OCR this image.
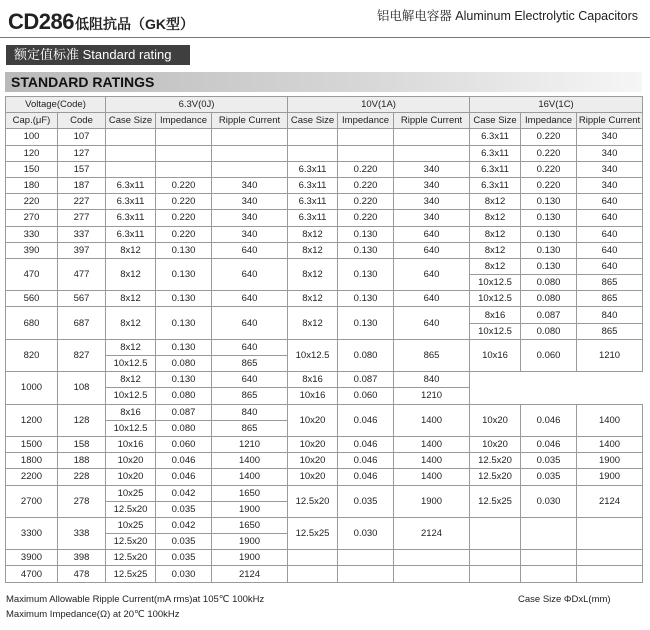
CD286低阻抗品（GK型）	铝电解电容器 Aluminum Electrolytic Capacitors
额定值标准 Standard rating
STANDARD RATINGS
Voltage(Code)		6.3V(0J)			10V(1A)			16V(1C)		
Cap.(μF)	Code	Case Size	Impedance	Ripple Current	Case Size	Impedance	Ripple Current	Case Size	Impedance	Ripple Current
100	107							6.3x11	0.220	340
120	127							6.3x11	0.220	340
150	157				6.3x11	0.220	340	6.3x11	0.220	340
180	187	6.3x11	0.220	340	6.3x11	0.220	340	6.3x11	0.220	340
220	227	6.3x11	0.220	340	6.3x11	0.220	340	8x12	0.130	640
270	277	6.3x11	0.220	340	6.3x11	0.220	340	8x12	0.130	640
330	337	6.3x11	0.220	340	8x12	0.130	640	8x12	0.130	640
390	397	8x12	0.130	640	8x12	0.130	640	8x12	0.130	640
470	477	8x12	0.130	640	8x12	0.130	640	8x12	0.130	640
								10x12.5	0.080	865
560	567	8x12	0.130	640	8x12	0.130	640	10x12.5	0.080	865
680	687	8x12	0.130	640	8x12	0.130	640	8x16	0.087	840
								10x12.5	0.080	865
820	827	8x12	0.130	640	10x12.5	0.080	865	10x16	0.060	1210
		10x12.5	0.080	865						
1000	108	8x12	0.130	640	8x16	0.087	840			
		10x12.5	0.080	865	10x16	0.060	1210			
1200	128	8x16	0.087	840	10x20	0.046	1400	10x20	0.046	1400
		10x12.5	0.080	865						
1500	158	10x16	0.060	1210	10x20	0.046	1400	10x20	0.046	1400
1800	188	10x20	0.046	1400	10x20	0.046	1400	12.5x20	0.035	1900
2200	228	10x20	0.046	1400	10x20	0.046	1400	12.5x20	0.035	1900
2700	278	10x25	0.042	1650	12.5x20	0.035	1900	12.5x25	0.030	2124
		12.5x20	0.035	1900						
3300	338	10x25	0.042	1650	12.5x25	0.030	2124			
		12.5x20	0.035	1900						
3900	398	12.5x20	0.035	1900						
4700	478	12.5x25	0.030	2124						
Maximum Allowable Ripple Current(mA rms)at 105℃ 100kHz
Maximum Impedance(Ω) at 20℃ 100kHz
Case Size ΦDxL(mm)
